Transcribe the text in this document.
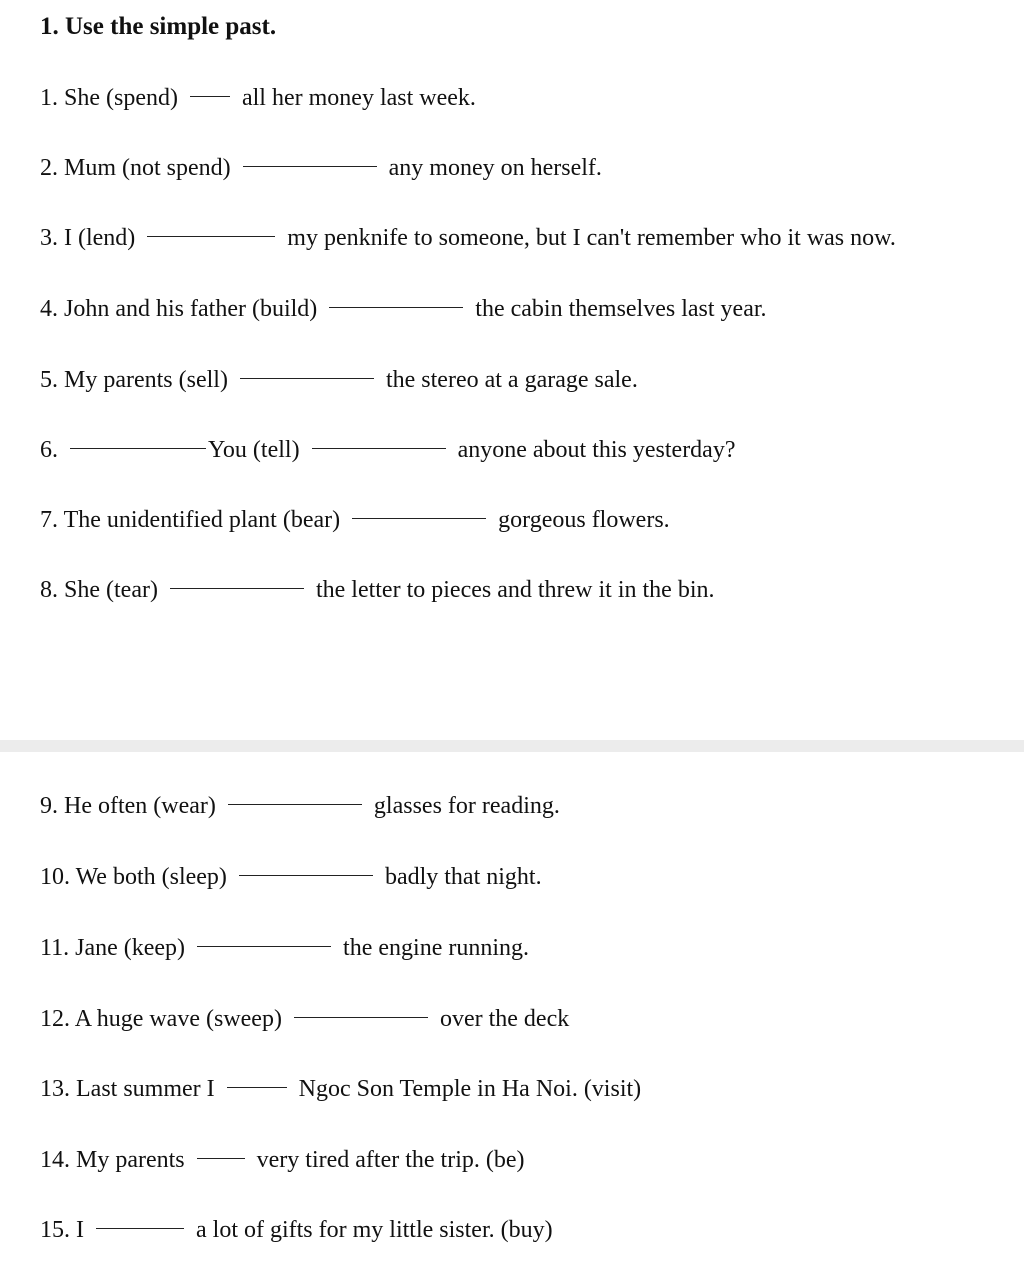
1. Use the simple past.
1. She (spend)	all her money last week.
2. Mum (not spend)	any money on herself.
3. I (lend)	my penknife to someone, but I can't remember who it was now.
4. John and his father (build)	the cabin themselves last year.
5. My parents (sell)	the stereo at a garage sale.
6.	You (tell)	anyone about this yesterday?
7. The unidentified plant (bear)	gorgeous flowers.
8. She (tear)	the letter to pieces and threw it in the bin.
9. He often (wear)	glasses for reading.
10. We both (sleep)	badly that night.
11. Jane (keep)	the engine running.
12. A huge wave (sweep)	over the deck
13. Last summer I	Ngoc Son Temple in Ha Noi. (visit)
14. My parents	very tired after the trip. (be)
15. I	a lot of gifts for my little sister. (buy)
